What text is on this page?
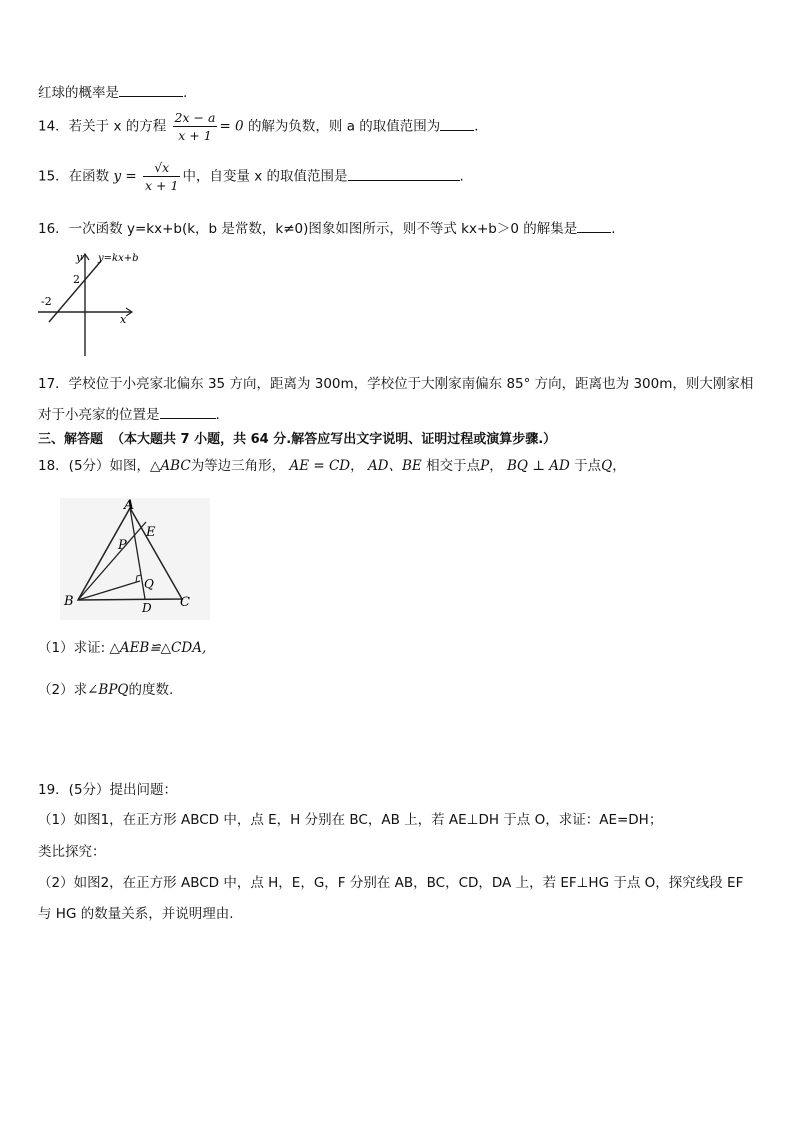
红球的概率是	.
14．若关于 x 的方程 $\frac{2x - a}{x + 1} = 0$ 的解为负数，则 a 的取值范围为	．
15．在函数 $y = \frac{√x}{x + 1}$ 中，自变量 x 的取值范围是	.
16．一次函数 y=kx+b(k，b 是常数，k≠0)图象如图所示，则不等式 kx+b＞0 的解集是	．
y
x
y=kx+b
2
-2
17．学校位于小亮家北偏东 35 方向，距离为 300m，学校位于大刚家南偏东 85° 方向，距离也为 300m，则大刚家相
对于小亮家的位置是	.
三、解答题 （本大题共 7 小题，共 64 分.解答应写出文字说明、证明过程或演算步骤.）
18．(5分）如图，△ABC为等边三角形， AE = CD， AD、BE 相交于点P， BQ ⊥ AD 于点Q，
A
B	C
D
E
P
Q
（1）求证: △AEB≌△CDA,
（2）求∠BPQ的度数.
19．(5分）提出问题：
（1）如图1，在正方形 ABCD 中，点 E，H 分别在 BC，AB 上，若 AE⊥DH 于点 O，求证：AE=DH；
类比探究：
（2）如图2，在正方形 ABCD 中，点 H，E，G，F 分别在 AB，BC，CD，DA 上，若 EF⊥HG 于点 O，探究线段 EF
与 HG 的数量关系，并说明理由.
